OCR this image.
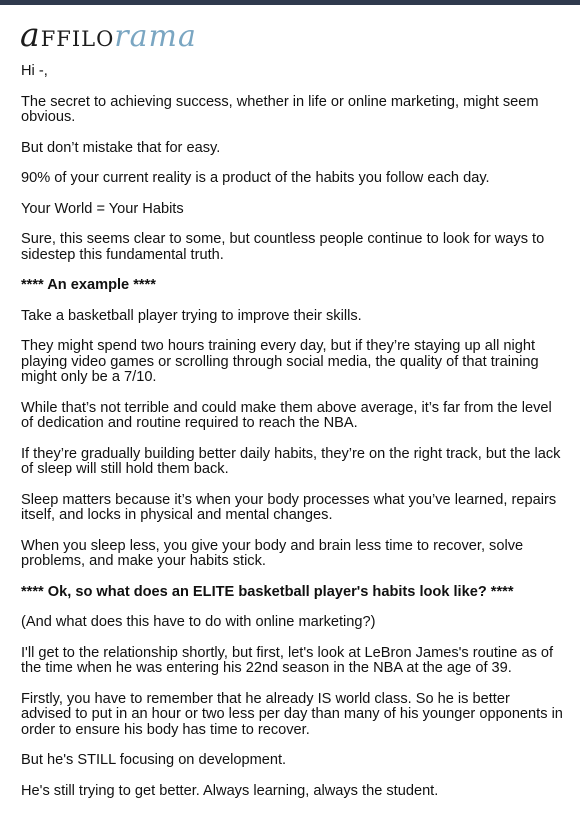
affilorama

Hi -,

The secret to achieving success, whether in life or online marketing, might seem obvious.

But don’t mistake that for easy.

90% of your current reality is a product of the habits you follow each day.

Your World = Your Habits

Sure, this seems clear to some, but countless people continue to look for ways to sidestep this fundamental truth.

**** An example ****

Take a basketball player trying to improve their skills.

They might spend two hours training every day, but if they’re staying up all night playing video games or scrolling through social media, the quality of that training might only be a 7/10.

While that’s not terrible and could make them above average, it’s far from the level of dedication and routine required to reach the NBA.

If they’re gradually building better daily habits, they’re on the right track, but the lack of sleep will still hold them back.

Sleep matters because it’s when your body processes what you’ve learned, repairs itself, and locks in physical and mental changes.

When you sleep less, you give your body and brain less time to recover, solve problems, and make your habits stick.

**** Ok, so what does an ELITE basketball player's habits look like? ****

(And what does this have to do with online marketing?)

I'll get to the relationship shortly, but first, let's look at LeBron James's routine as of the time when he was entering his 22nd season in the NBA at the age of 39.

Firstly, you have to remember that he already IS world class. So he is better advised to put in an hour or two less per day than many of his younger opponents in order to ensure his body has time to recover.

But he's STILL focusing on development.

He's still trying to get better. Always learning, always the student.
